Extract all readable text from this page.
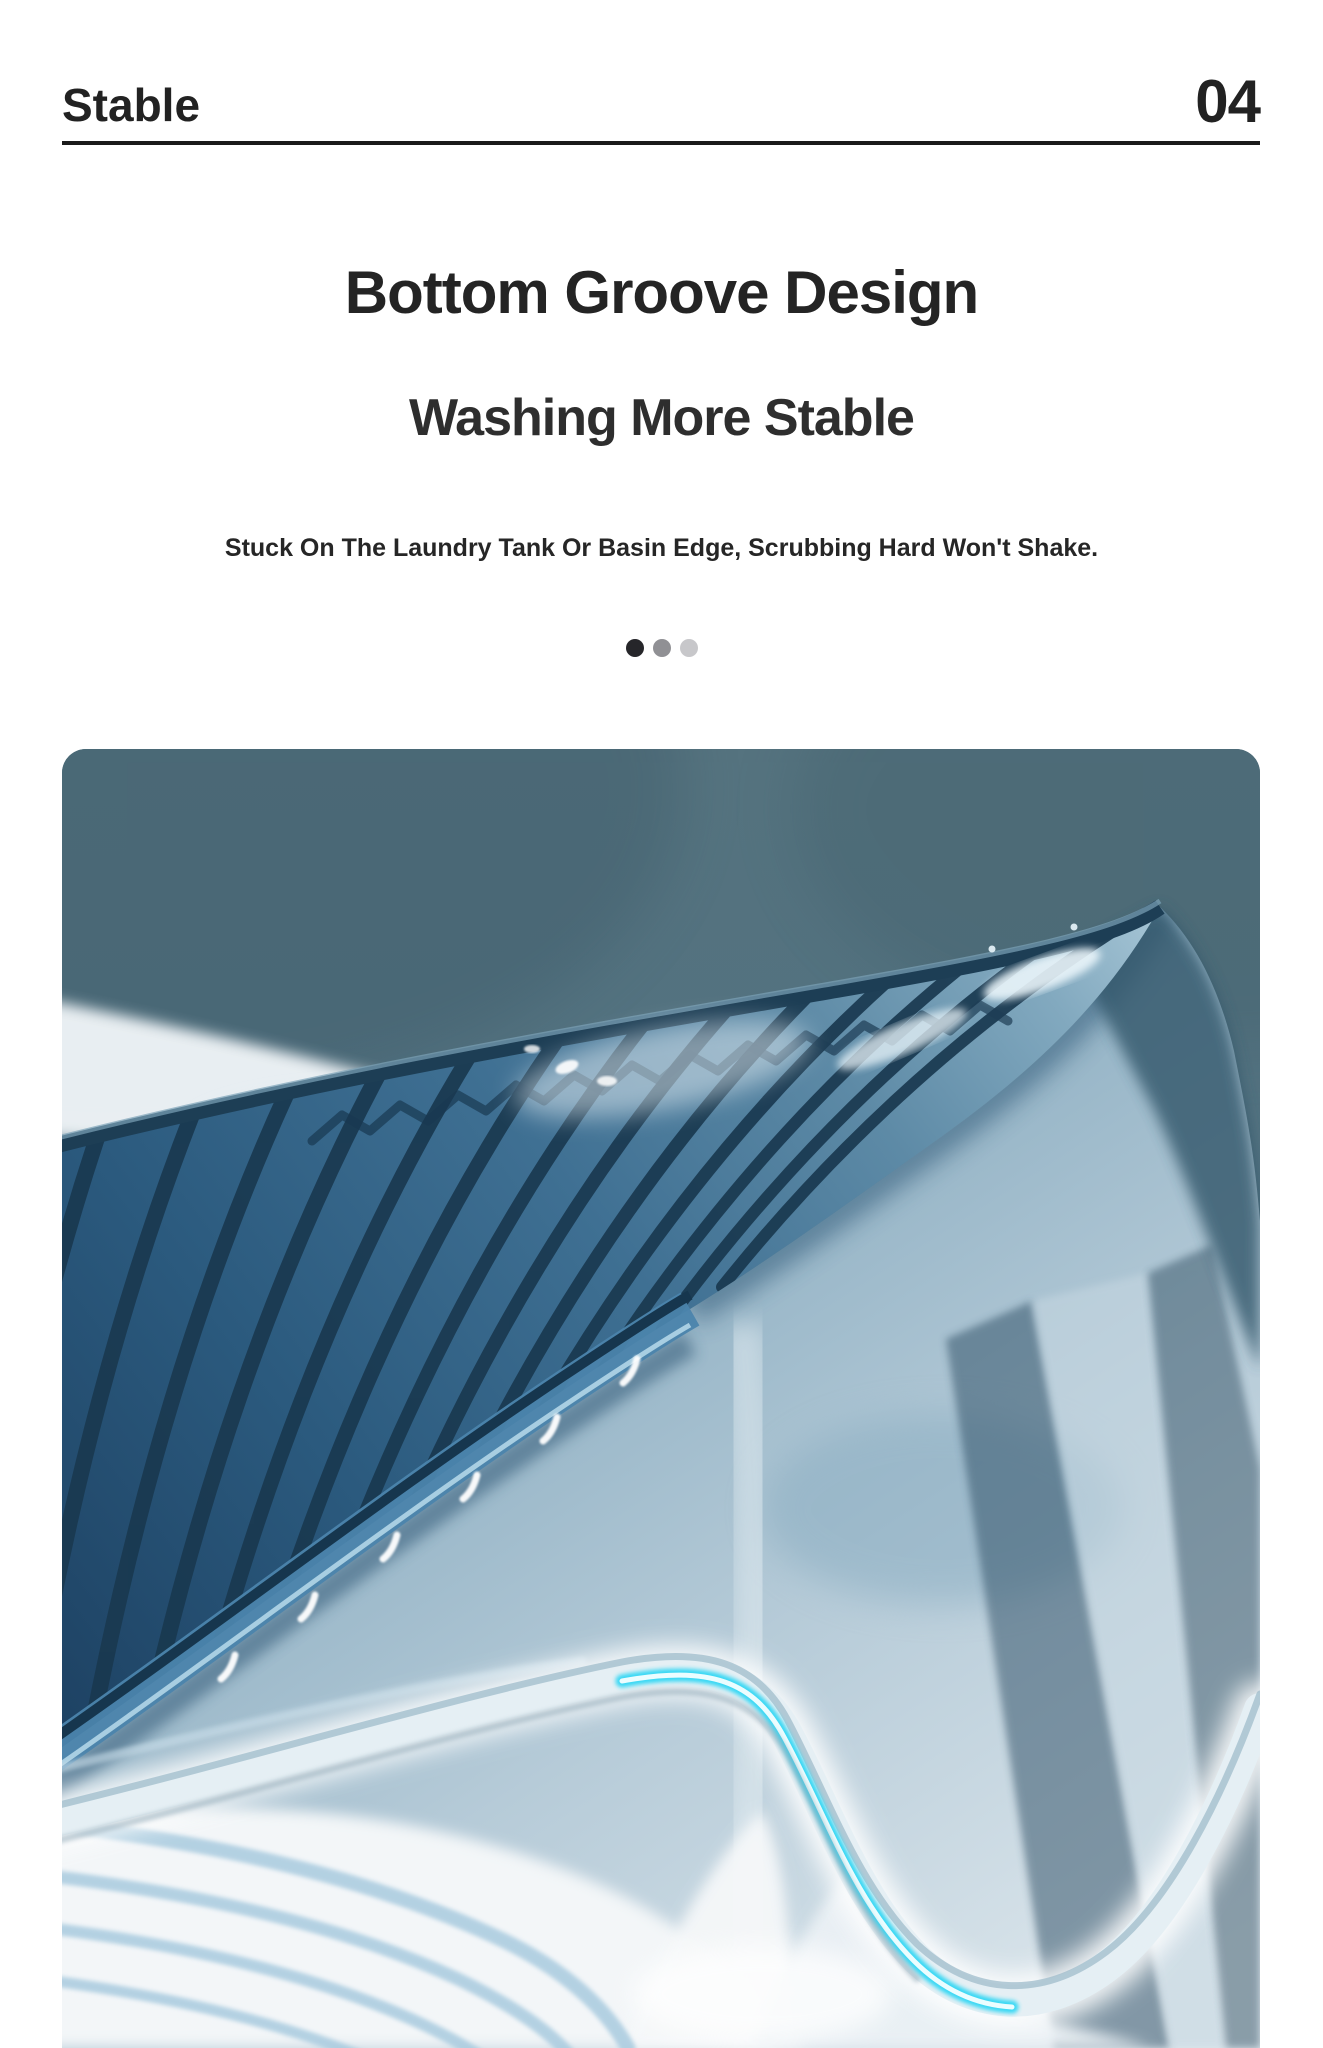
Stable	04
Bottom Groove Design
Washing More Stable
Stuck On The Laundry Tank Or Basin Edge, Scrubbing Hard Won't Shake.
